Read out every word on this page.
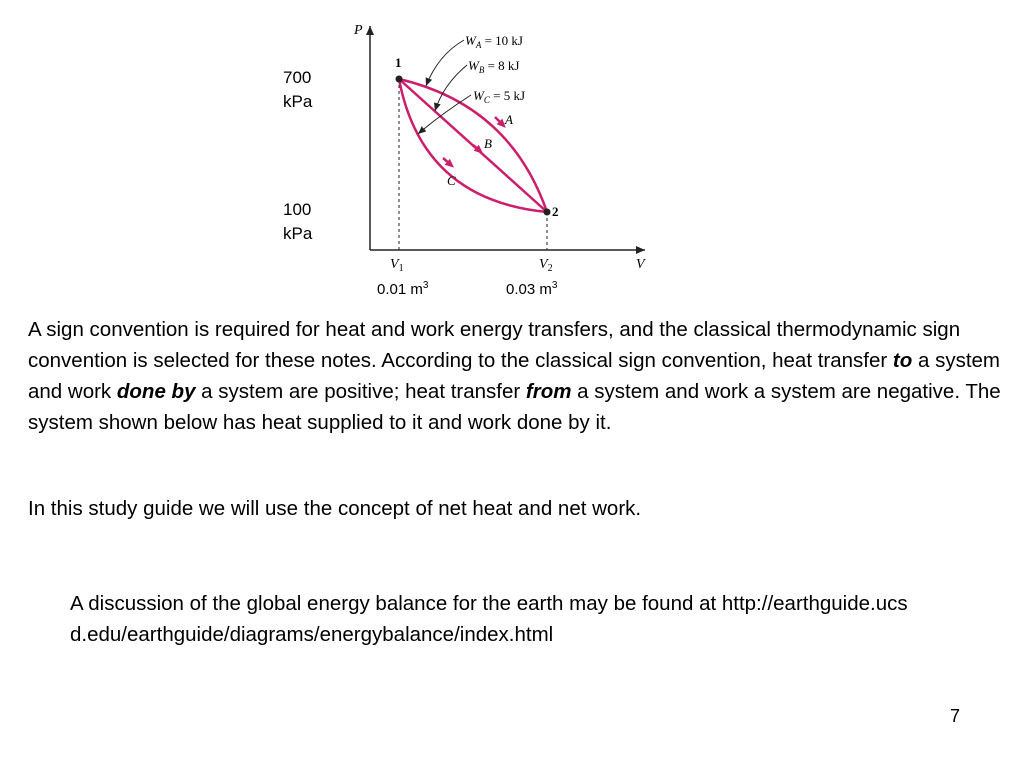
700
kPa
100
kPa
P
V
$V_1$	$V_2$
1
2
A
B
C
$W_A = 10$ kJ
$W_B = 8$ kJ
$W_C = 5$ kJ
0.01 $m^3$	0.03 $m^3$

A sign convention is required for heat and work energy transfers, and the classical thermodynamic sign convention is selected for these notes. According to the classical sign convention, heat transfer to a system and work done by a system are positive; heat transfer from a system and work a system are negative. The system shown below has heat supplied to it and work done by it.

In this study guide we will use the concept of net heat and net work.

A discussion of the global energy balance for the earth may be found at http://earthguide.ucsd.edu/earthguide/diagrams/energybalance/index.html

7
